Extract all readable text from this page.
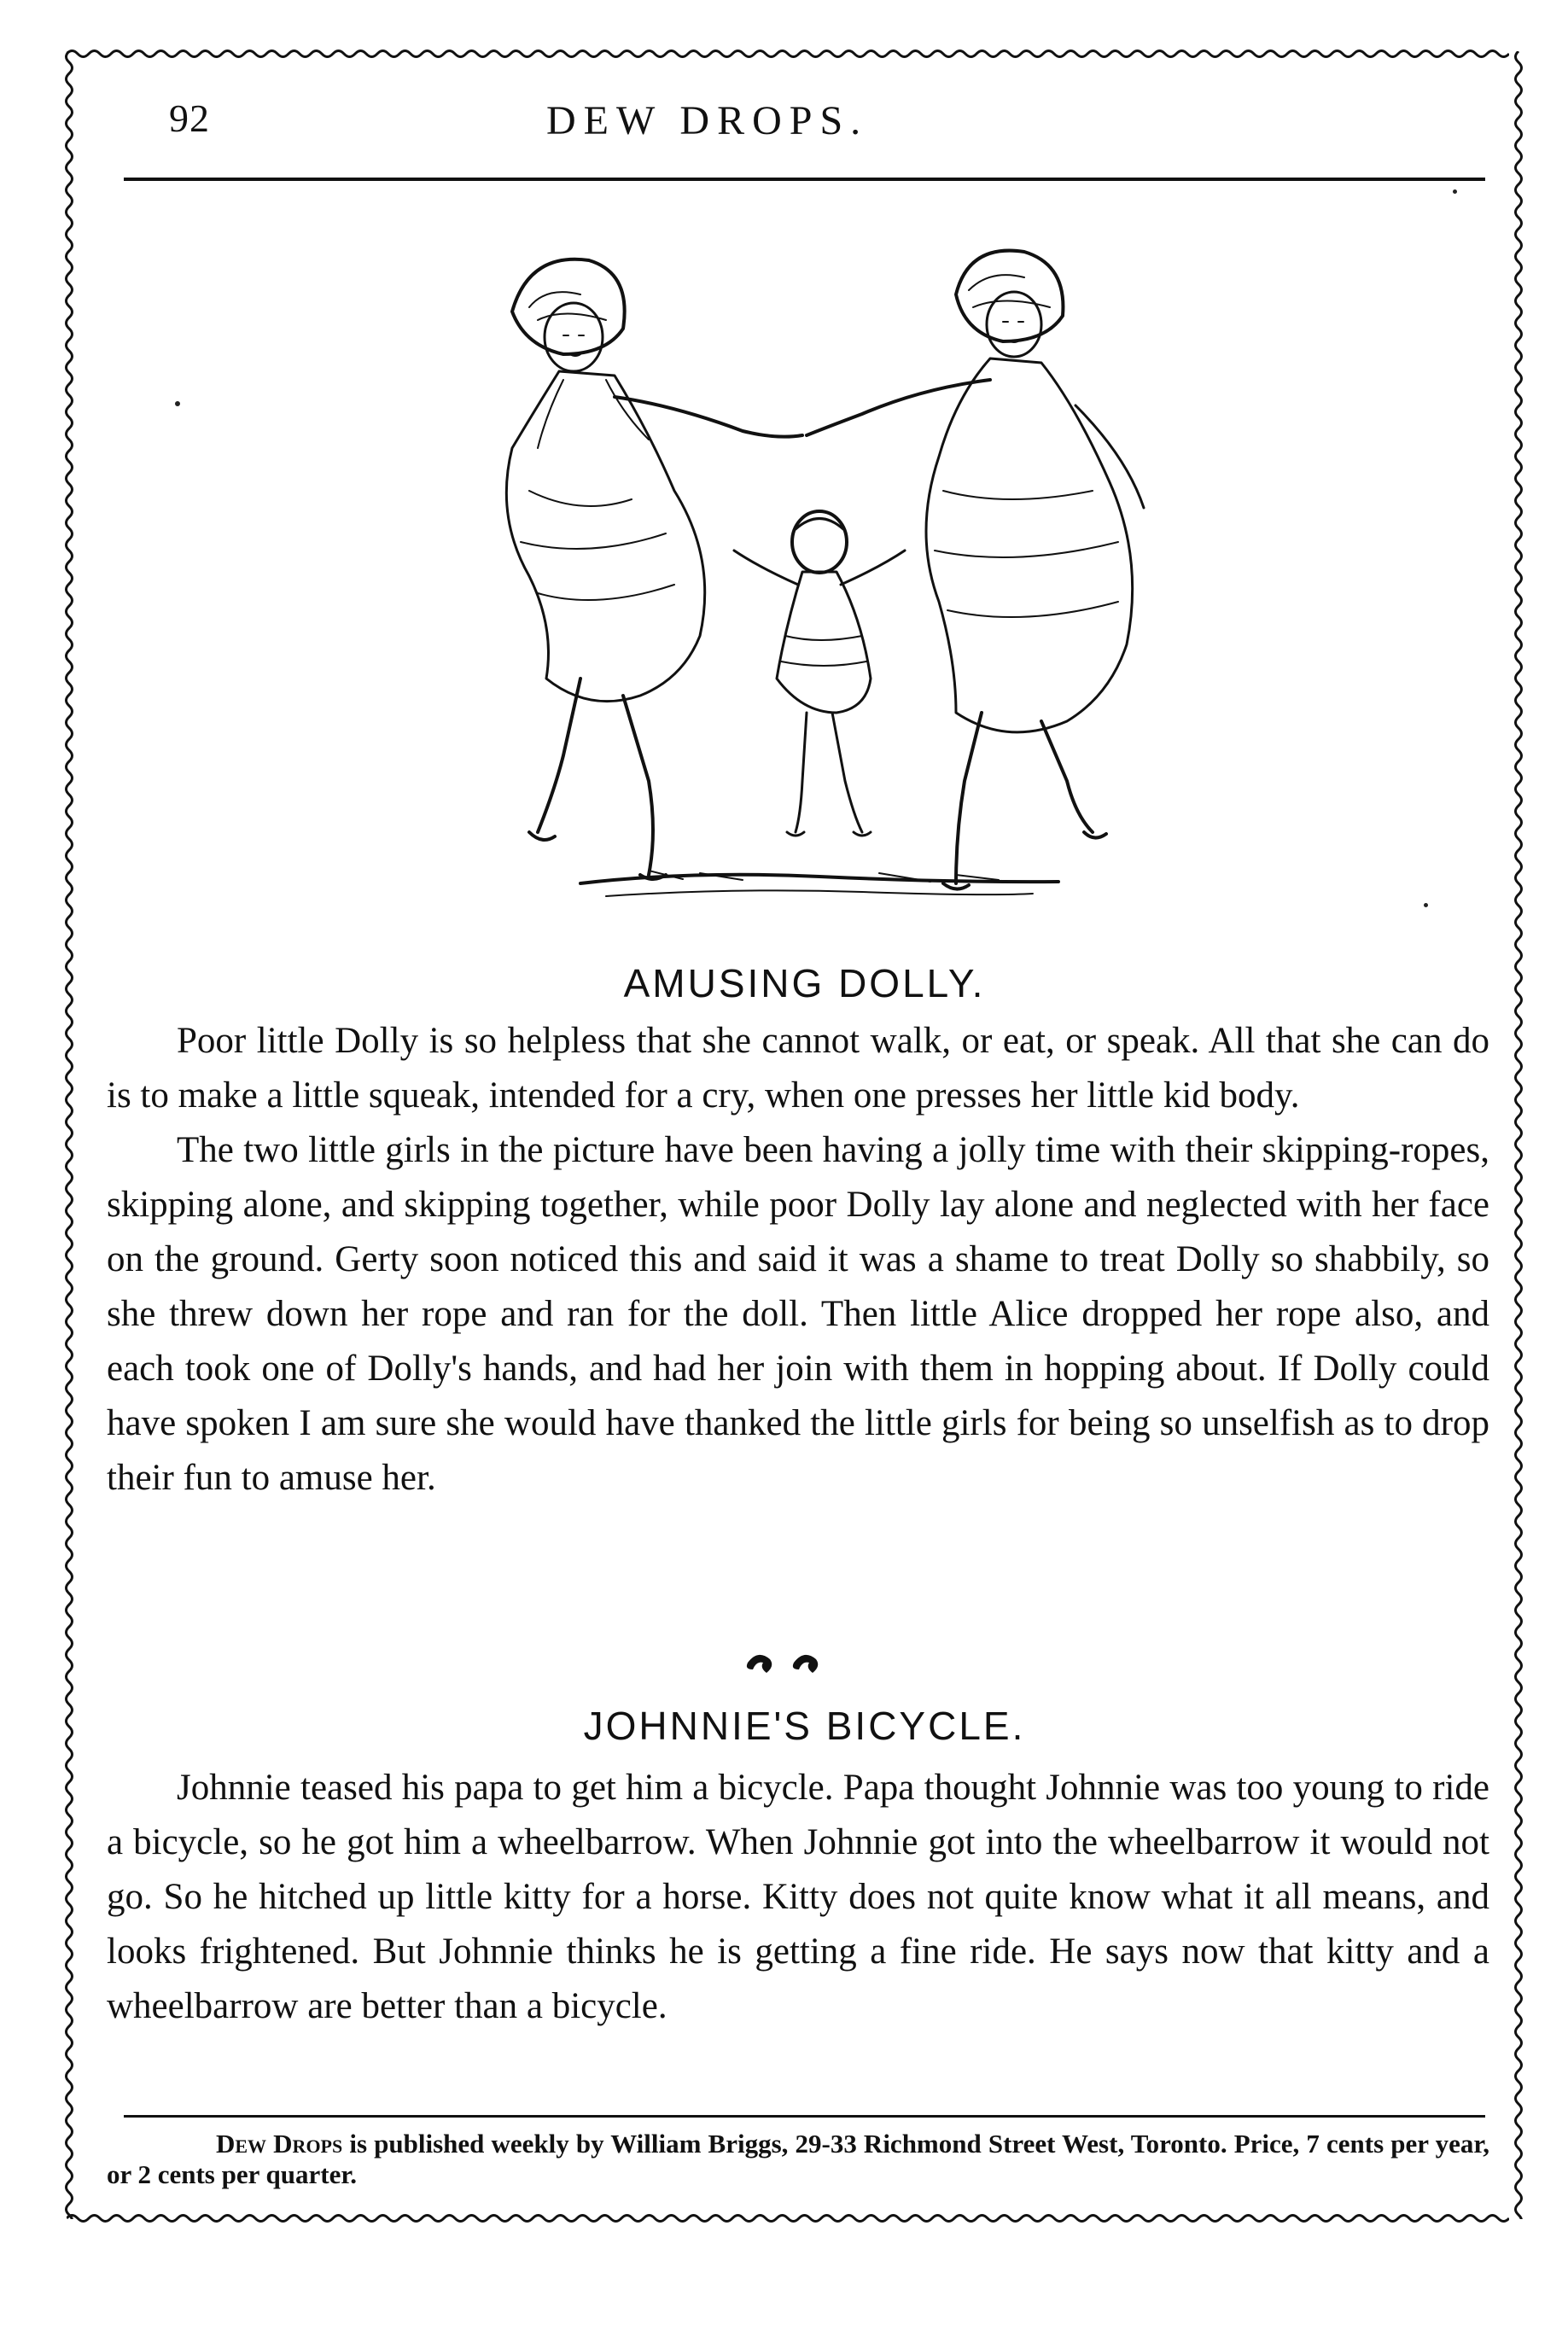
92	DEW DROPS.
AMUSING DOLLY.

Poor little Dolly is so helpless that she cannot walk, or eat, or speak. All that she can do is to make a little squeak, intended for a cry, when one presses her little kid body.

The two little girls in the picture have been having a jolly time with their skipping-ropes, skipping alone, and skipping together, while poor Dolly lay alone and neglected with her face on the ground. Gerty soon noticed this and said it was a shame to treat Dolly so shabbily, so she threw down her rope and ran for the doll. Then little Alice dropped her rope also, and each took one of Dolly's hands, and had her join with them in hopping about. If Dolly could have spoken I am sure she would have thanked the little girls for being so unselfish as to drop their fun to amuse her.

JOHNNIE'S BICYCLE.

Johnnie teased his papa to get him a bicycle. Papa thought Johnnie was too young to ride a bicycle, so he got him a wheelbarrow. When Johnnie got into the wheelbarrow it would not go. So he hitched up little kitty for a horse. Kitty does not quite know what it all means, and looks frightened. But Johnnie thinks he is getting a fine ride. He says now that kitty and a wheelbarrow are better than a bicycle.

Dew Drops is published weekly by William Briggs, 29-33 Richmond Street West, Toronto. Price, 7 cents per year, or 2 cents per quarter.
